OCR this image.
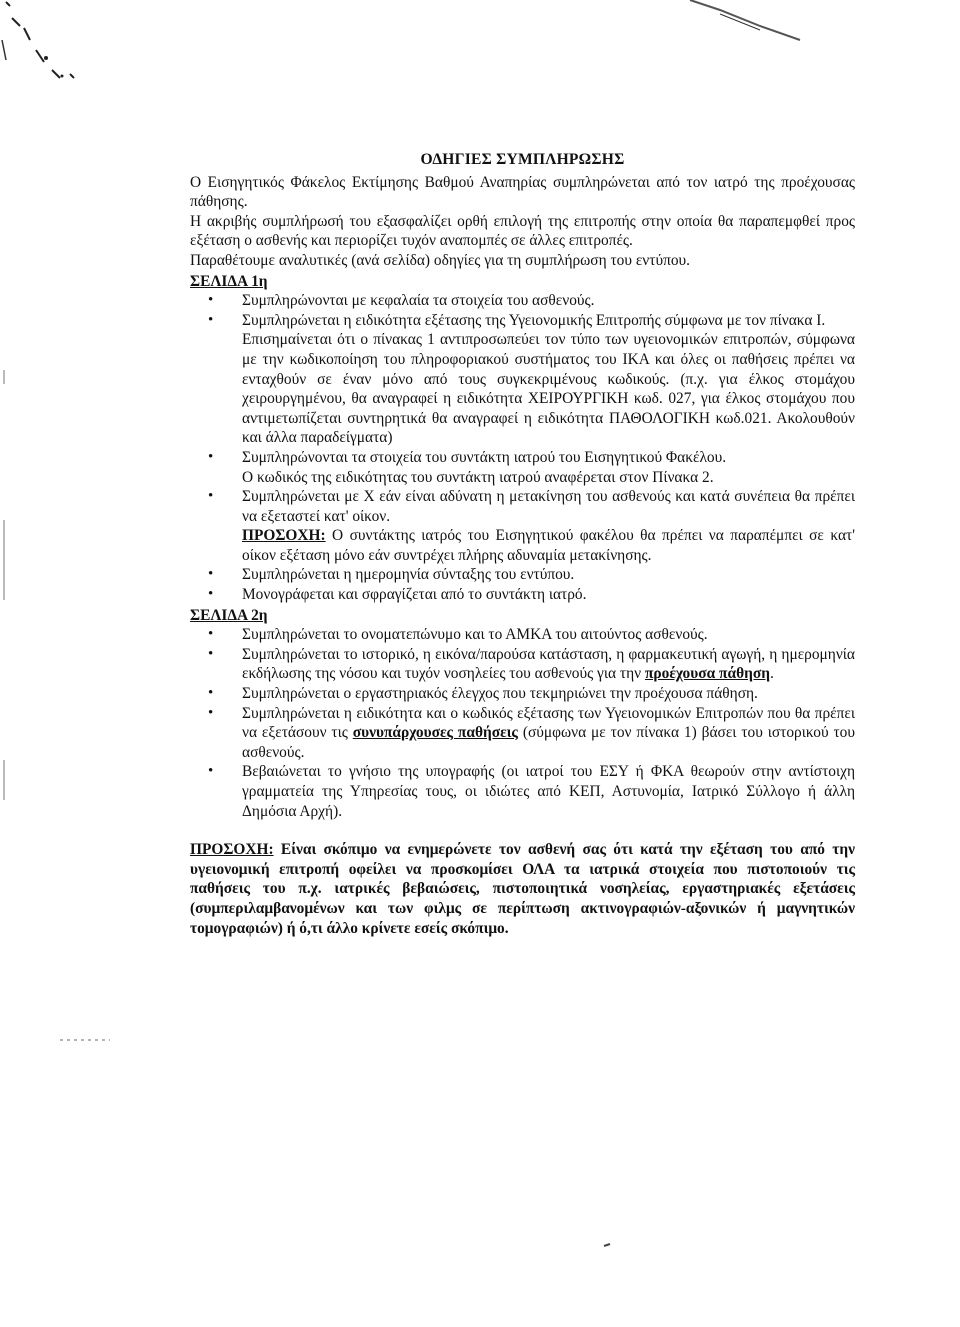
ΟΔΗΓΙΕΣ ΣΥΜΠΛΗΡΩΣΗΣ

Ο Εισηγητικός Φάκελος Εκτίμησης Βαθμού Αναπηρίας συμπληρώνεται από τον ιατρό της προέχουσας πάθησης.

Η ακριβής συμπλήρωσή του εξασφαλίζει ορθή επιλογή της επιτροπής στην οποία θα παραπεμφθεί προς εξέταση ο ασθενής και περιορίζει τυχόν αναπομπές σε άλλες επιτροπές.

Παραθέτουμε αναλυτικές (ανά σελίδα) οδηγίες για τη συμπλήρωση του εντύπου.

ΣΕΛΙΔΑ 1η
• Συμπληρώνονται με κεφαλαία τα στοιχεία του ασθενούς.
• Συμπληρώνεται η ειδικότητα εξέτασης της Υγειονομικής Επιτροπής σύμφωνα με τον πίνακα Ι.
Επισημαίνεται ότι ο πίνακας 1 αντιπροσωπεύει τον τύπο των υγειονομικών επιτροπών, σύμφωνα με την κωδικοποίηση του πληροφοριακού συστήματος του ΙΚΑ και όλες οι παθήσεις πρέπει να ενταχθούν σε έναν μόνο από τους συγκεκριμένους κωδικούς. (π.χ. για έλκος στομάχου χειρουργημένου, θα αναγραφεί η ειδικότητα ΧΕΙΡΟΥΡΓΙΚΗ κωδ. 027, για έλκος στομάχου που αντιμετωπίζεται συντηρητικά θα αναγραφεί η ειδικότητα ΠΑΘΟΛΟΓΙΚΗ κωδ.021. Ακολουθούν και άλλα παραδείγματα)
• Συμπληρώνονται τα στοιχεία του συντάκτη ιατρού του Εισηγητικού Φακέλου.
Ο κωδικός της ειδικότητας του συντάκτη ιατρού αναφέρεται στον Πίνακα 2.
• Συμπληρώνεται με Χ εάν είναι αδύνατη η μετακίνηση του ασθενούς και κατά συνέπεια θα πρέπει να εξεταστεί κατ' οίκον.
ΠΡΟΣΟΧΗ: Ο συντάκτης ιατρός του Εισηγητικού φακέλου θα πρέπει να παραπέμπει σε κατ' οίκον εξέταση μόνο εάν συντρέχει πλήρης αδυναμία μετακίνησης.
• Συμπληρώνεται η ημερομηνία σύνταξης του εντύπου.
• Μονογράφεται και σφραγίζεται από το συντάκτη ιατρό.
ΣΕΛΙΔΑ 2η
• Συμπληρώνεται το ονοματεπώνυμο και το ΑΜΚΑ του αιτούντος ασθενούς.
• Συμπληρώνεται το ιστορικό, η εικόνα/παρούσα κατάσταση, η φαρμακευτική αγωγή, η ημερομηνία εκδήλωσης της νόσου και τυχόν νοσηλείες του ασθενούς για την προέχουσα πάθηση.
• Συμπληρώνεται ο εργαστηριακός έλεγχος που τεκμηριώνει την προέχουσα πάθηση.
• Συμπληρώνεται η ειδικότητα και ο κωδικός εξέτασης των Υγειονομικών Επιτροπών που θα πρέπει να εξετάσουν τις συνυπάρχουσες παθήσεις (σύμφωνα με τον πίνακα 1) βάσει του ιστορικού του ασθενούς.
• Βεβαιώνεται το γνήσιο της υπογραφής (οι ιατροί του ΕΣΥ ή ΦΚΑ θεωρούν στην αντίστοιχη γραμματεία της Υπηρεσίας τους, οι ιδιώτες από ΚΕΠ, Αστυνομία, Ιατρικό Σύλλογο ή άλλη Δημόσια Αρχή).

ΠΡΟΣΟΧΗ: Είναι σκόπιμο να ενημερώνετε τον ασθενή σας ότι κατά την εξέταση του από την υγειονομική επιτροπή οφείλει να προσκομίσει ΟΛΑ τα ιατρικά στοιχεία που πιστοποιούν τις παθήσεις του π.χ. ιατρικές βεβαιώσεις, πιστοποιητικά νοσηλείας, εργαστηριακές εξετάσεις (συμπεριλαμβανομένων και των φιλμς σε περίπτωση ακτινογραφιών-αξονικών ή μαγνητικών τομογραφιών) ή ό,τι άλλο κρίνετε εσείς σκόπιμο.
